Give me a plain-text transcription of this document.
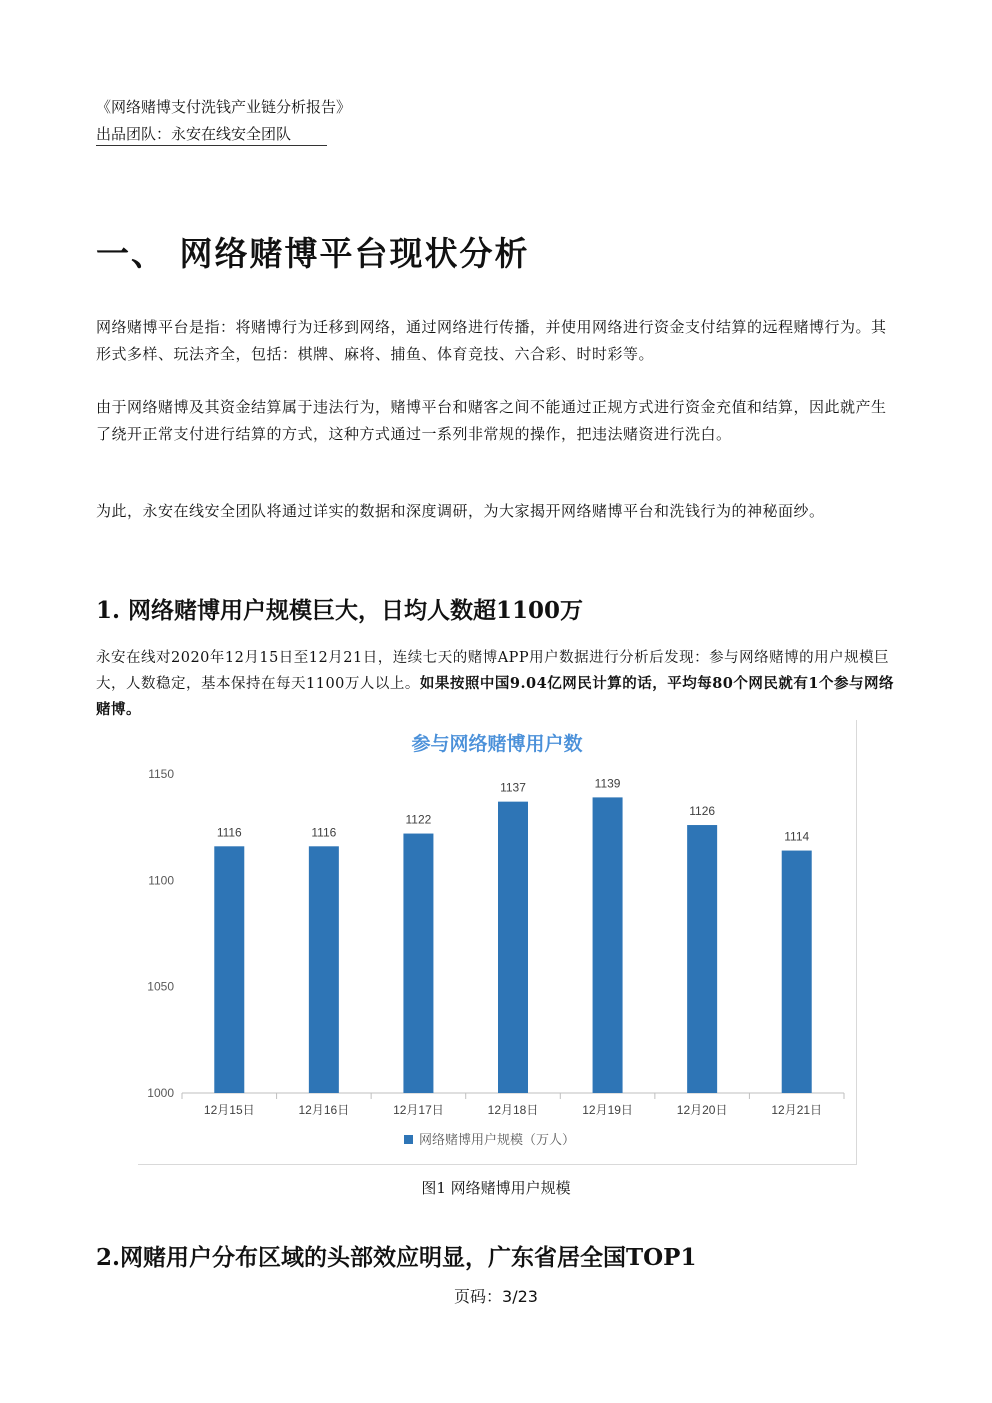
《网络赌博支付洗钱产业链分析报告》
出品团队：永安在线安全团队
一、 网络赌博平台现状分析
网络赌博平台是指：将赌博行为迁移到网络，通过网络进行传播，并使用网络进行资金支付结算的远程赌博行为。其形式多样、玩法齐全，包括：棋牌、麻将、捕鱼、体育竞技、六合彩、时时彩等。
由于网络赌博及其资金结算属于违法行为，赌博平台和赌客之间不能通过正规方式进行资金充值和结算，因此就产生了绕开正常支付进行结算的方式，这种方式通过一系列非常规的操作，把违法赌资进行洗白。
为此，永安在线安全团队将通过详实的数据和深度调研，为大家揭开网络赌博平台和洗钱行为的神秘面纱。
1. 网络赌博用户规模巨大，日均人数超1100万
永安在线对2020年12月15日至12月21日，连续七天的赌博APP用户数据进行分析后发现：参与网络赌博的用户规模巨大，人数稳定，基本保持在每天1100万人以上。如果按照中国9.04亿网民计算的话，平均每80个网民就有1个参与网络赌博。
参与网络赌博用户数
1000
1050
1100
1150
1116	1116
1122
1137	1139
1126
1114
12月15日	12月16日	12月17日	12月18日	12月19日	12月20日	12月21日
网络赌博用户规模（万人）
图1 网络赌博用户规模
2.网赌用户分布区域的头部效应明显，广东省居全国TOP1
页码：3/23
